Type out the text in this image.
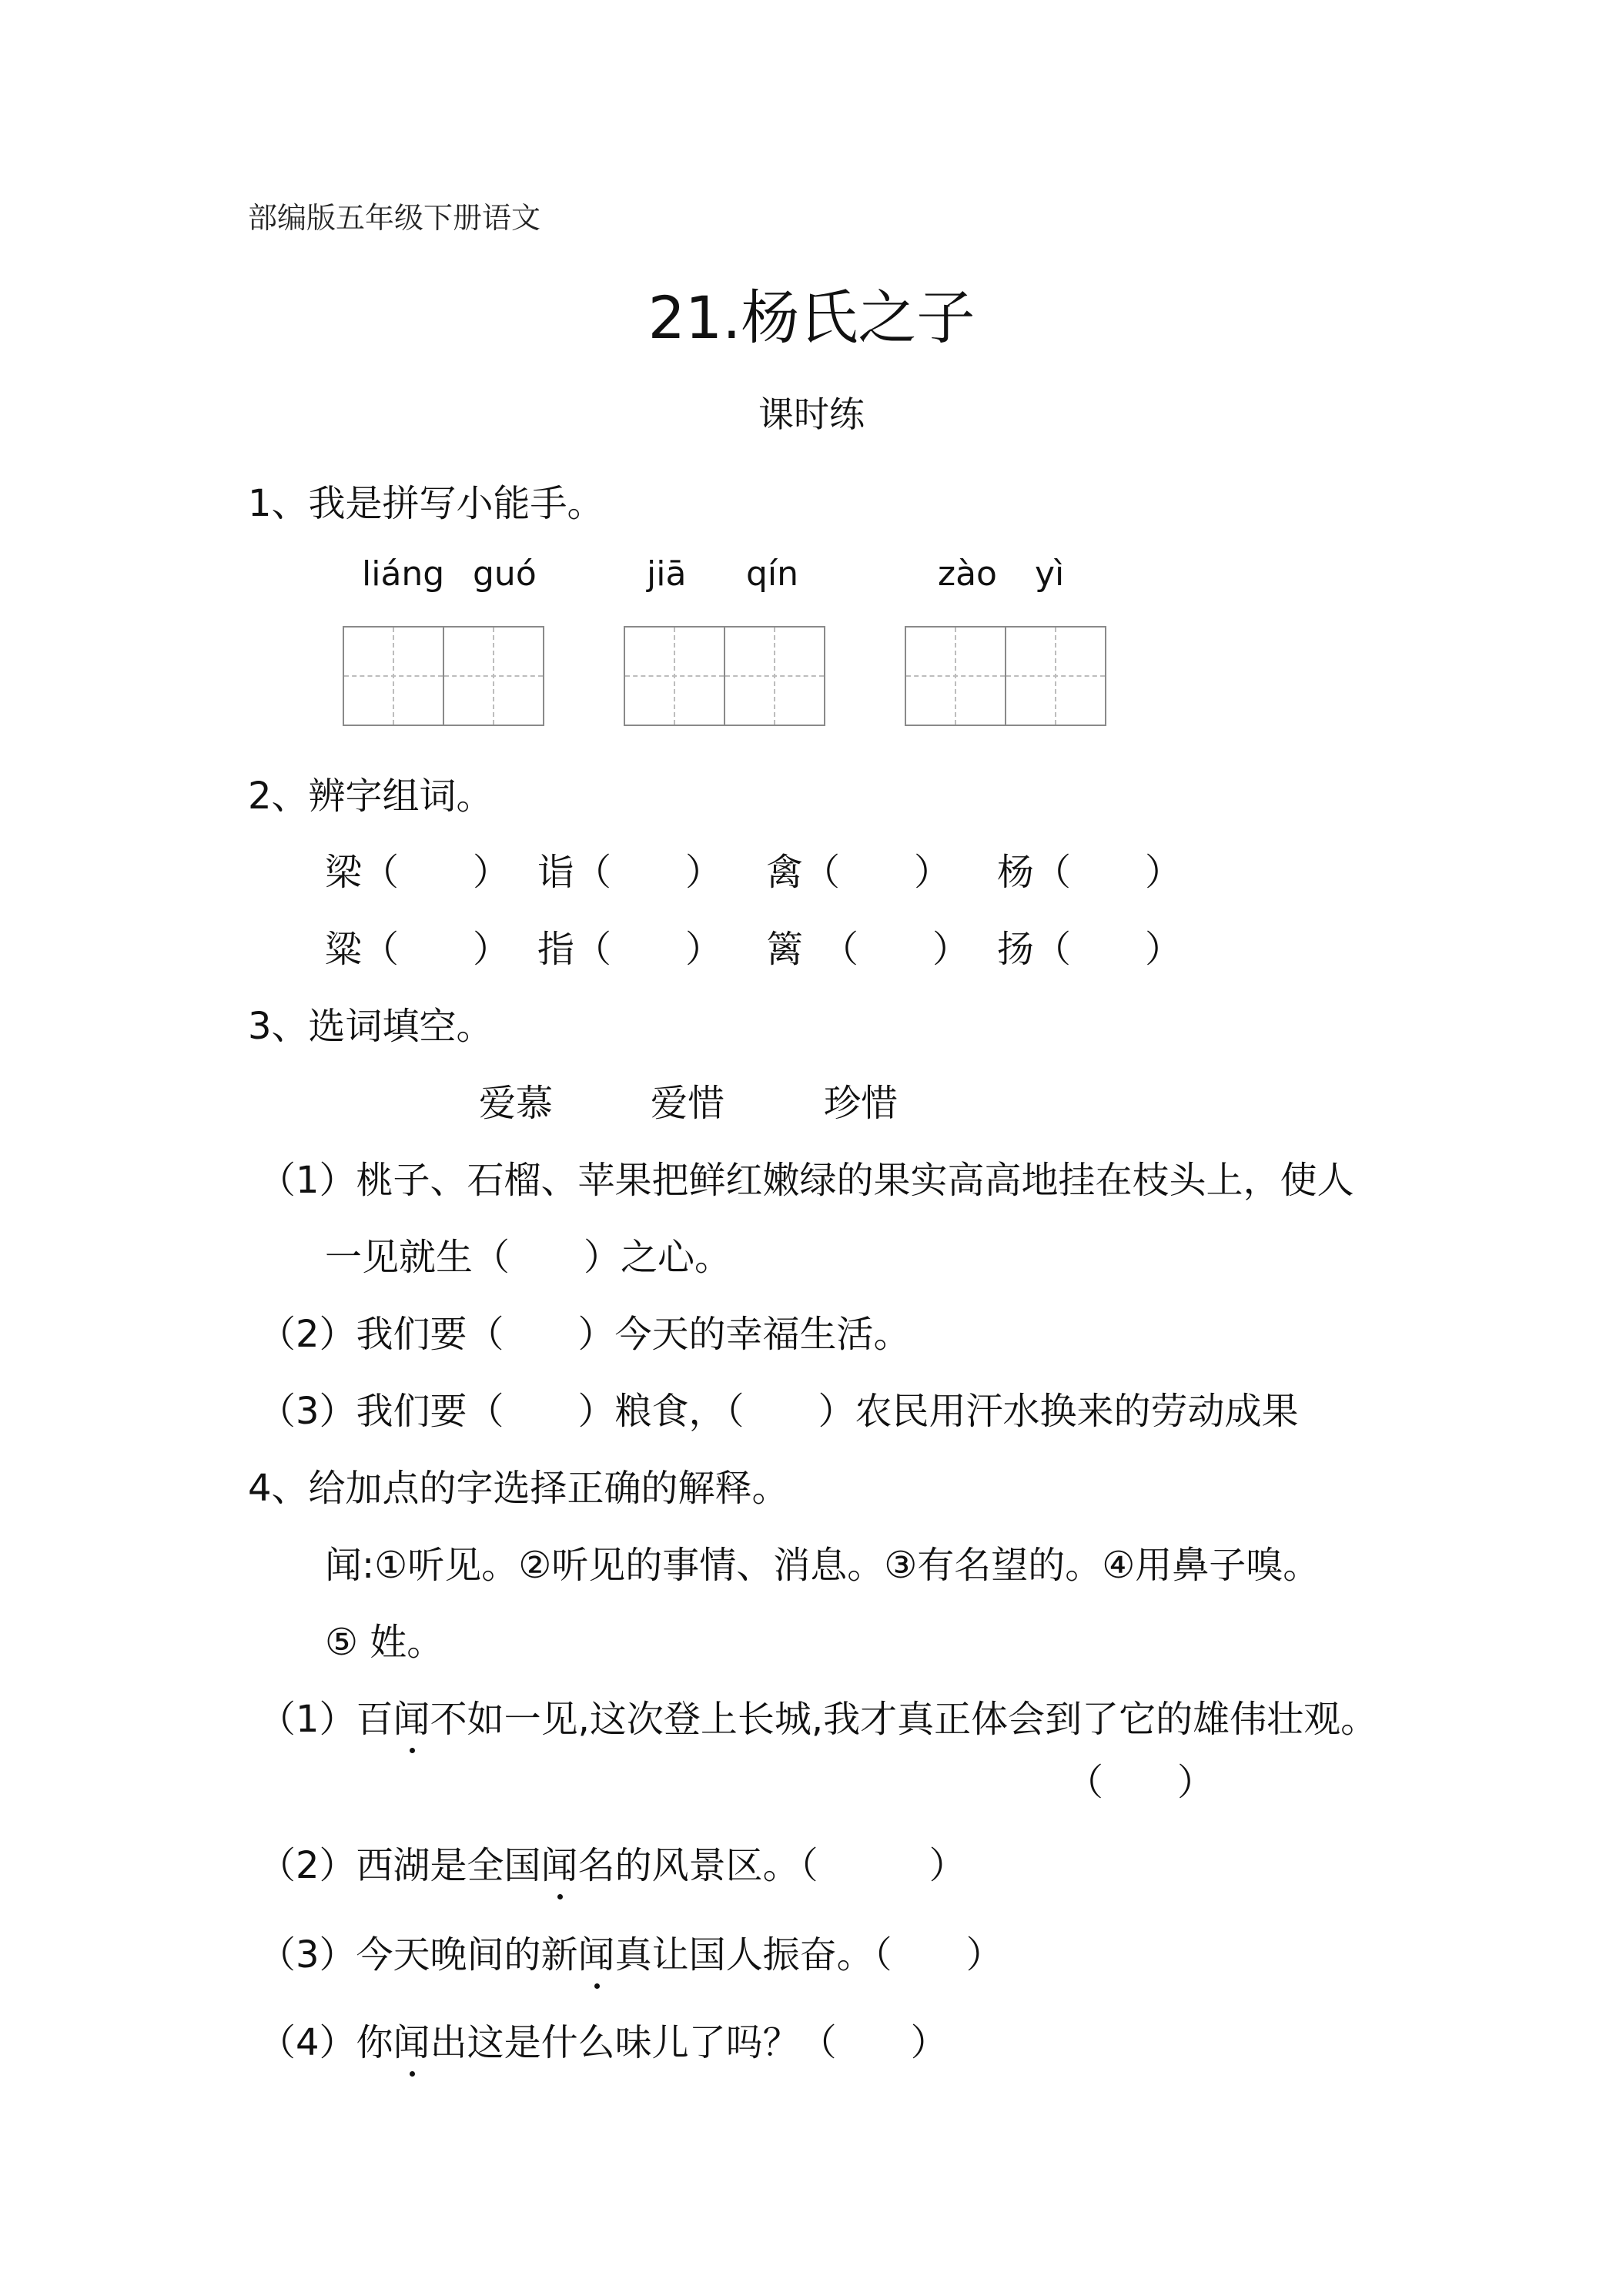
部编版五年级下册语文
21.杨氏之子
课时练
1、我是拼写小能手。
liáng guó	jiā qín	zào yì
2、辨字组词。
梁（　　） 诣（　　） 禽（　　） 杨（　　）
粱（　　） 指（　　） 篱　（　　） 扬（　　）
3、选词填空。
爱慕	爱惜	珍惜
（1）桃子、石榴、苹果把鲜红嫩绿的果实高高地挂在枝头上，使人
一见就生（　　）之心。
（2）我们要（　　）今天的幸福生活。
（3）我们要（　　）粮食，（　　）农民用汗水换来的劳动成果
4、给加点的字选择正确的解释。
闻:①听见。②听见的事情、消息。③有名望的。④用鼻子嗅。
⑤ 姓。
（1）百闻不如一见,这次登上长城,我才真正体会到了它的雄伟壮观。
（　　）
（2）西湖是全国闻名的风景区。（　　　）
（3）今天晚间的新闻真让国人振奋。（　　）
（4）你闻出这是什么味儿了吗？（　　）
